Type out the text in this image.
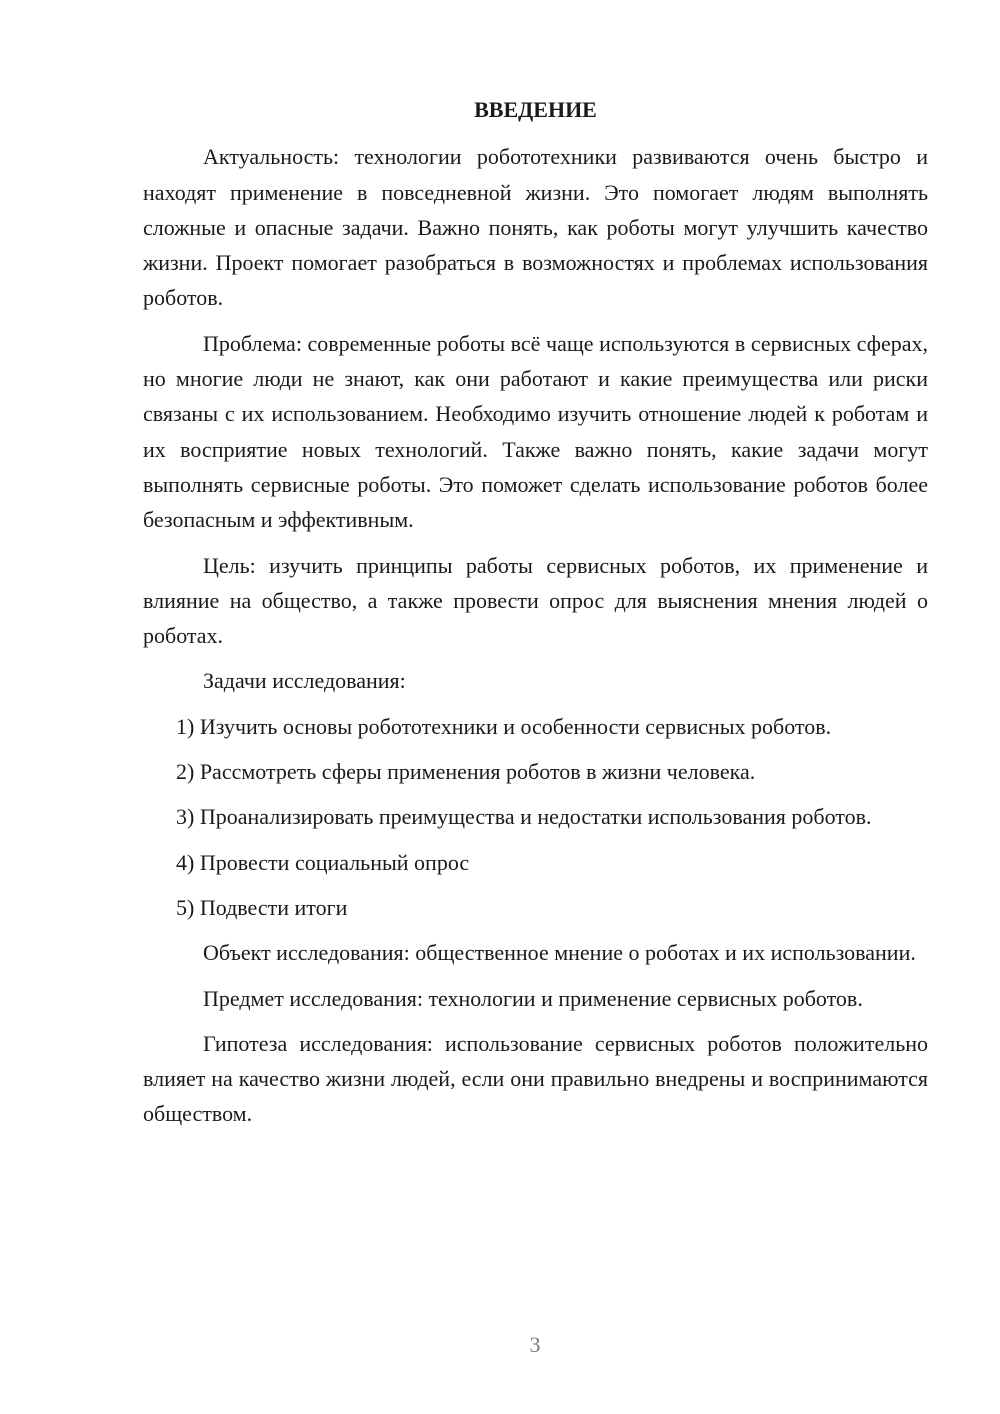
ВВЕДЕНИЕ
Актуальность: технологии робототехники развиваются очень быстро и находят применение в повседневной жизни. Это помогает людям выполнять сложные и опасные задачи. Важно понять, как роботы могут улучшить качество жизни. Проект помогает разобраться в возможностях и проблемах использования роботов.
Проблема: современные роботы всё чаще используются в сервисных сферах, но многие люди не знают, как они работают и какие преимущества или риски связаны с их использованием. Необходимо изучить отношение людей к роботам и их восприятие новых технологий. Также важно понять, какие задачи могут выполнять сервисные роботы. Это поможет сделать использование роботов более безопасным и эффективным.
Цель: изучить принципы работы сервисных роботов, их применение и влияние на общество, а также провести опрос для выяснения мнения людей о роботах.
Задачи исследования:
1) Изучить основы робототехники и особенности сервисных роботов.
2) Рассмотреть сферы применения роботов в жизни человека.
3) Проанализировать преимущества и недостатки использования роботов.
4) Провести социальный опрос
5) Подвести итоги
Объект исследования: общественное мнение о роботах и их использовании.
Предмет исследования: технологии и применение сервисных роботов.
Гипотеза исследования: использование сервисных роботов положительно влияет на качество жизни людей, если они правильно внедрены и воспринимаются обществом.
3
